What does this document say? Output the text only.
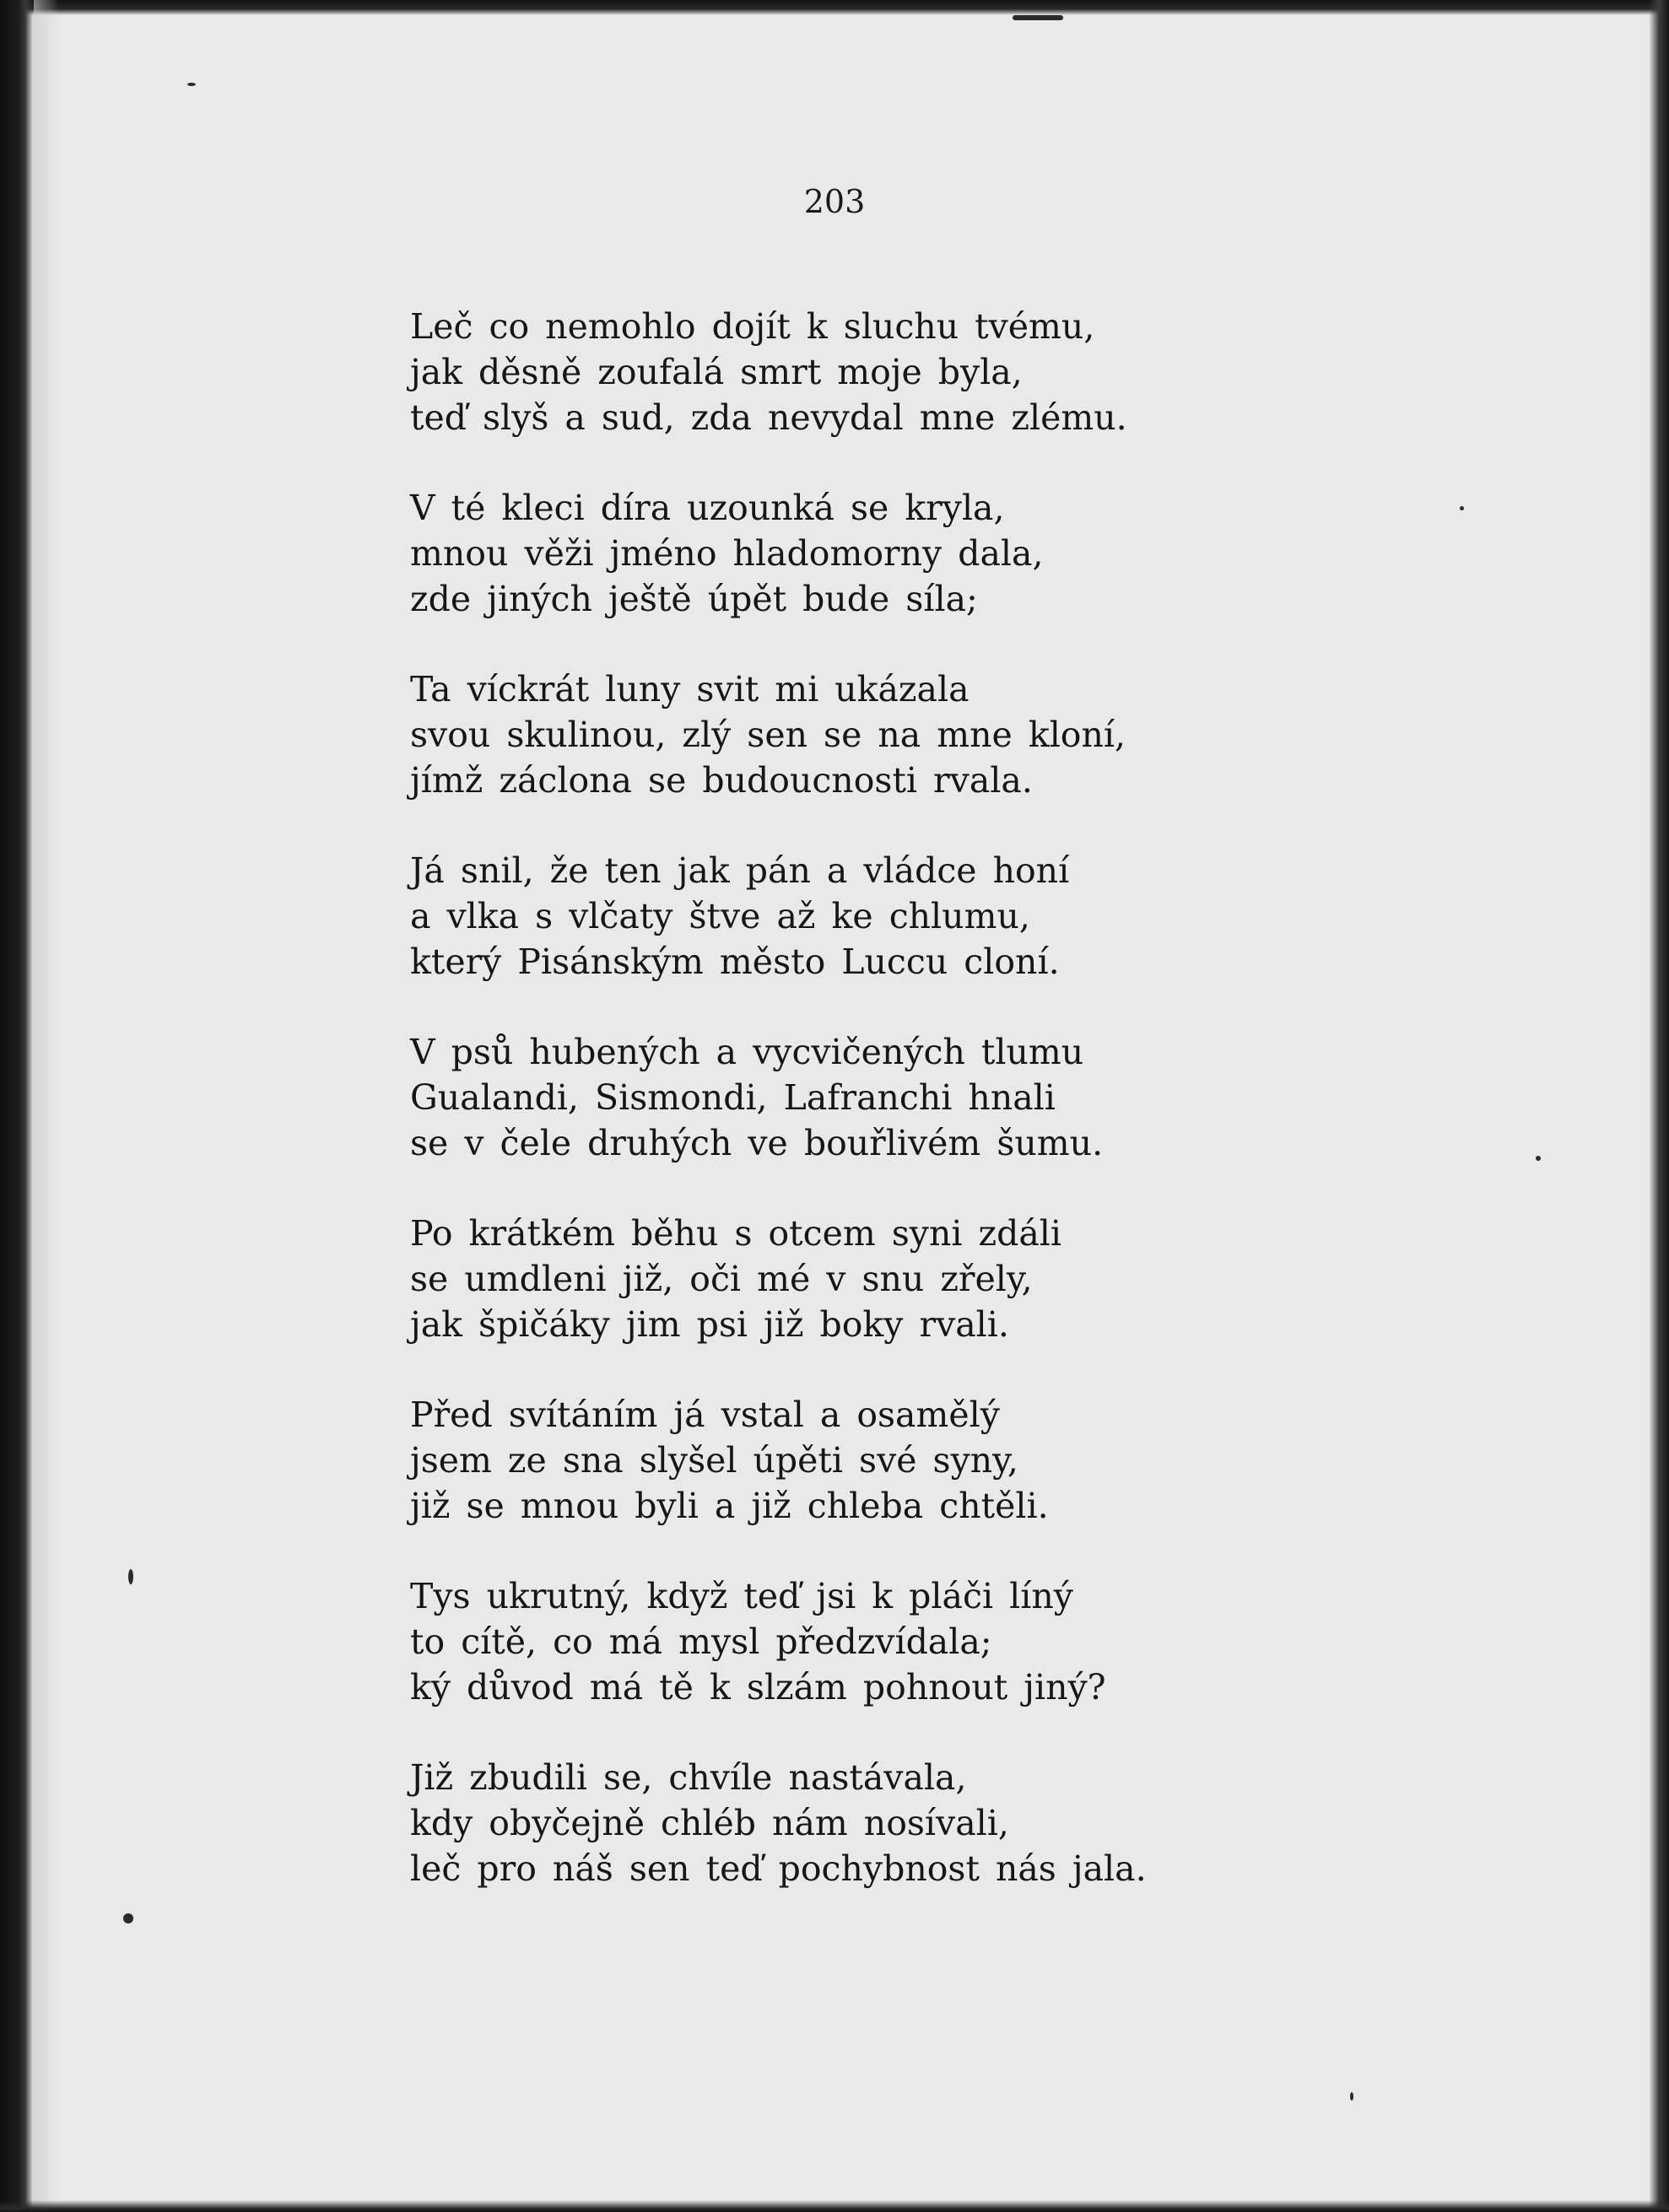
203

Leč co nemohlo dojít k sluchu tvému,
jak děsně zoufalá smrt moje byla,
teď slyš a sud, zda nevydal mne zlému.
V té kleci díra uzounká se kryla,
mnou věži jméno hladomorny dala,
zde jiných ještě úpět bude síla;
Ta víckrát luny svit mi ukázala
svou skulinou, zlý sen se na mne kloní,
jímž záclona se budoucnosti rvala.
Já snil, že ten jak pán a vládce honí
a vlka s vlčaty štve až ke chlumu,
který Pisánským město Luccu cloní.
V psů hubených a vycvičených tlumu
Gualandi, Sismondi, Lafranchi hnali
se v čele druhých ve bouřlivém šumu.
Po krátkém běhu s otcem syni zdáli
se umdleni již, oči mé v snu zřely,
jak špičáky jim psi již boky rvali.
Před svítáním já vstal a osamělý
jsem ze sna slyšel úpěti své syny,
již se mnou byli a již chleba chtěli.
Tys ukrutný, když teď jsi k pláči líný
to cítě, co má mysl předzvídala;
ký důvod má tě k slzám pohnout jiný?
Již zbudili se, chvíle nastávala,
kdy obyčejně chléb nám nosívali,
leč pro náš sen teď pochybnost nás jala.
